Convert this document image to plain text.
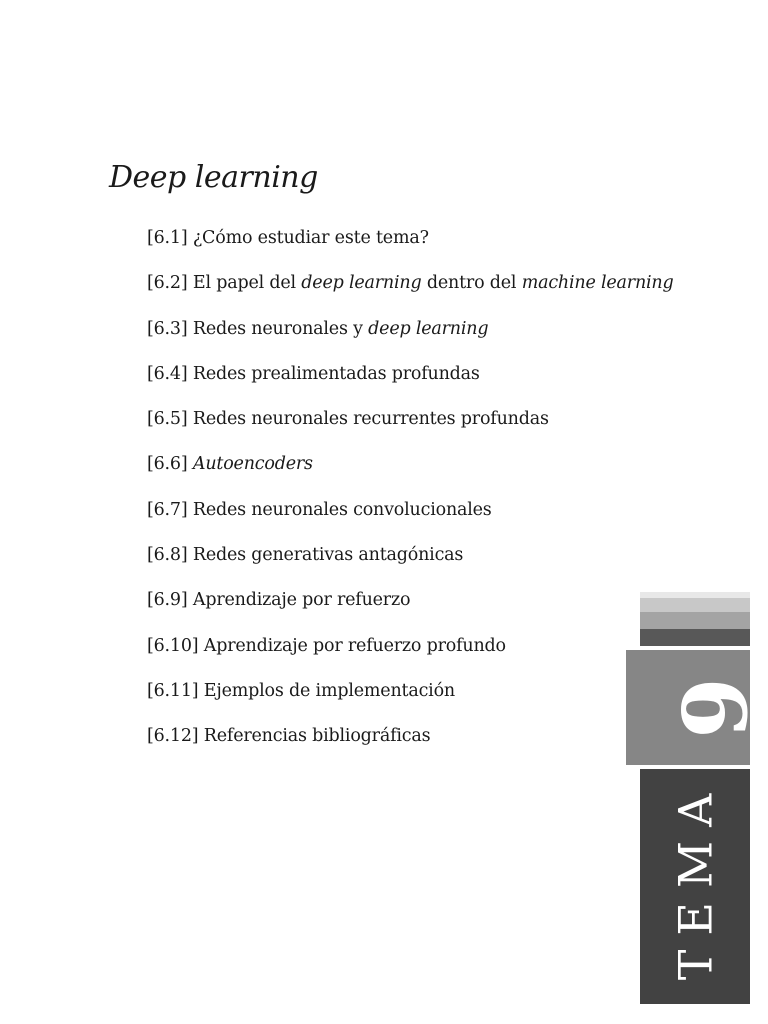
Deep learning
[6.1] ¿Cómo estudiar este tema?
[6.2] El papel del deep learning dentro del machine learning
[6.3] Redes neuronales y deep learning
[6.4] Redes prealimentadas profundas
[6.5] Redes neuronales recurrentes profundas
[6.6] Autoencoders
[6.7] Redes neuronales convolucionales
[6.8] Redes generativas antagónicas
[6.9] Aprendizaje por refuerzo
[6.10] Aprendizaje por refuerzo profundo
[6.11] Ejemplos de implementación
[6.12] Referencias bibliográficas	6
TEMA
